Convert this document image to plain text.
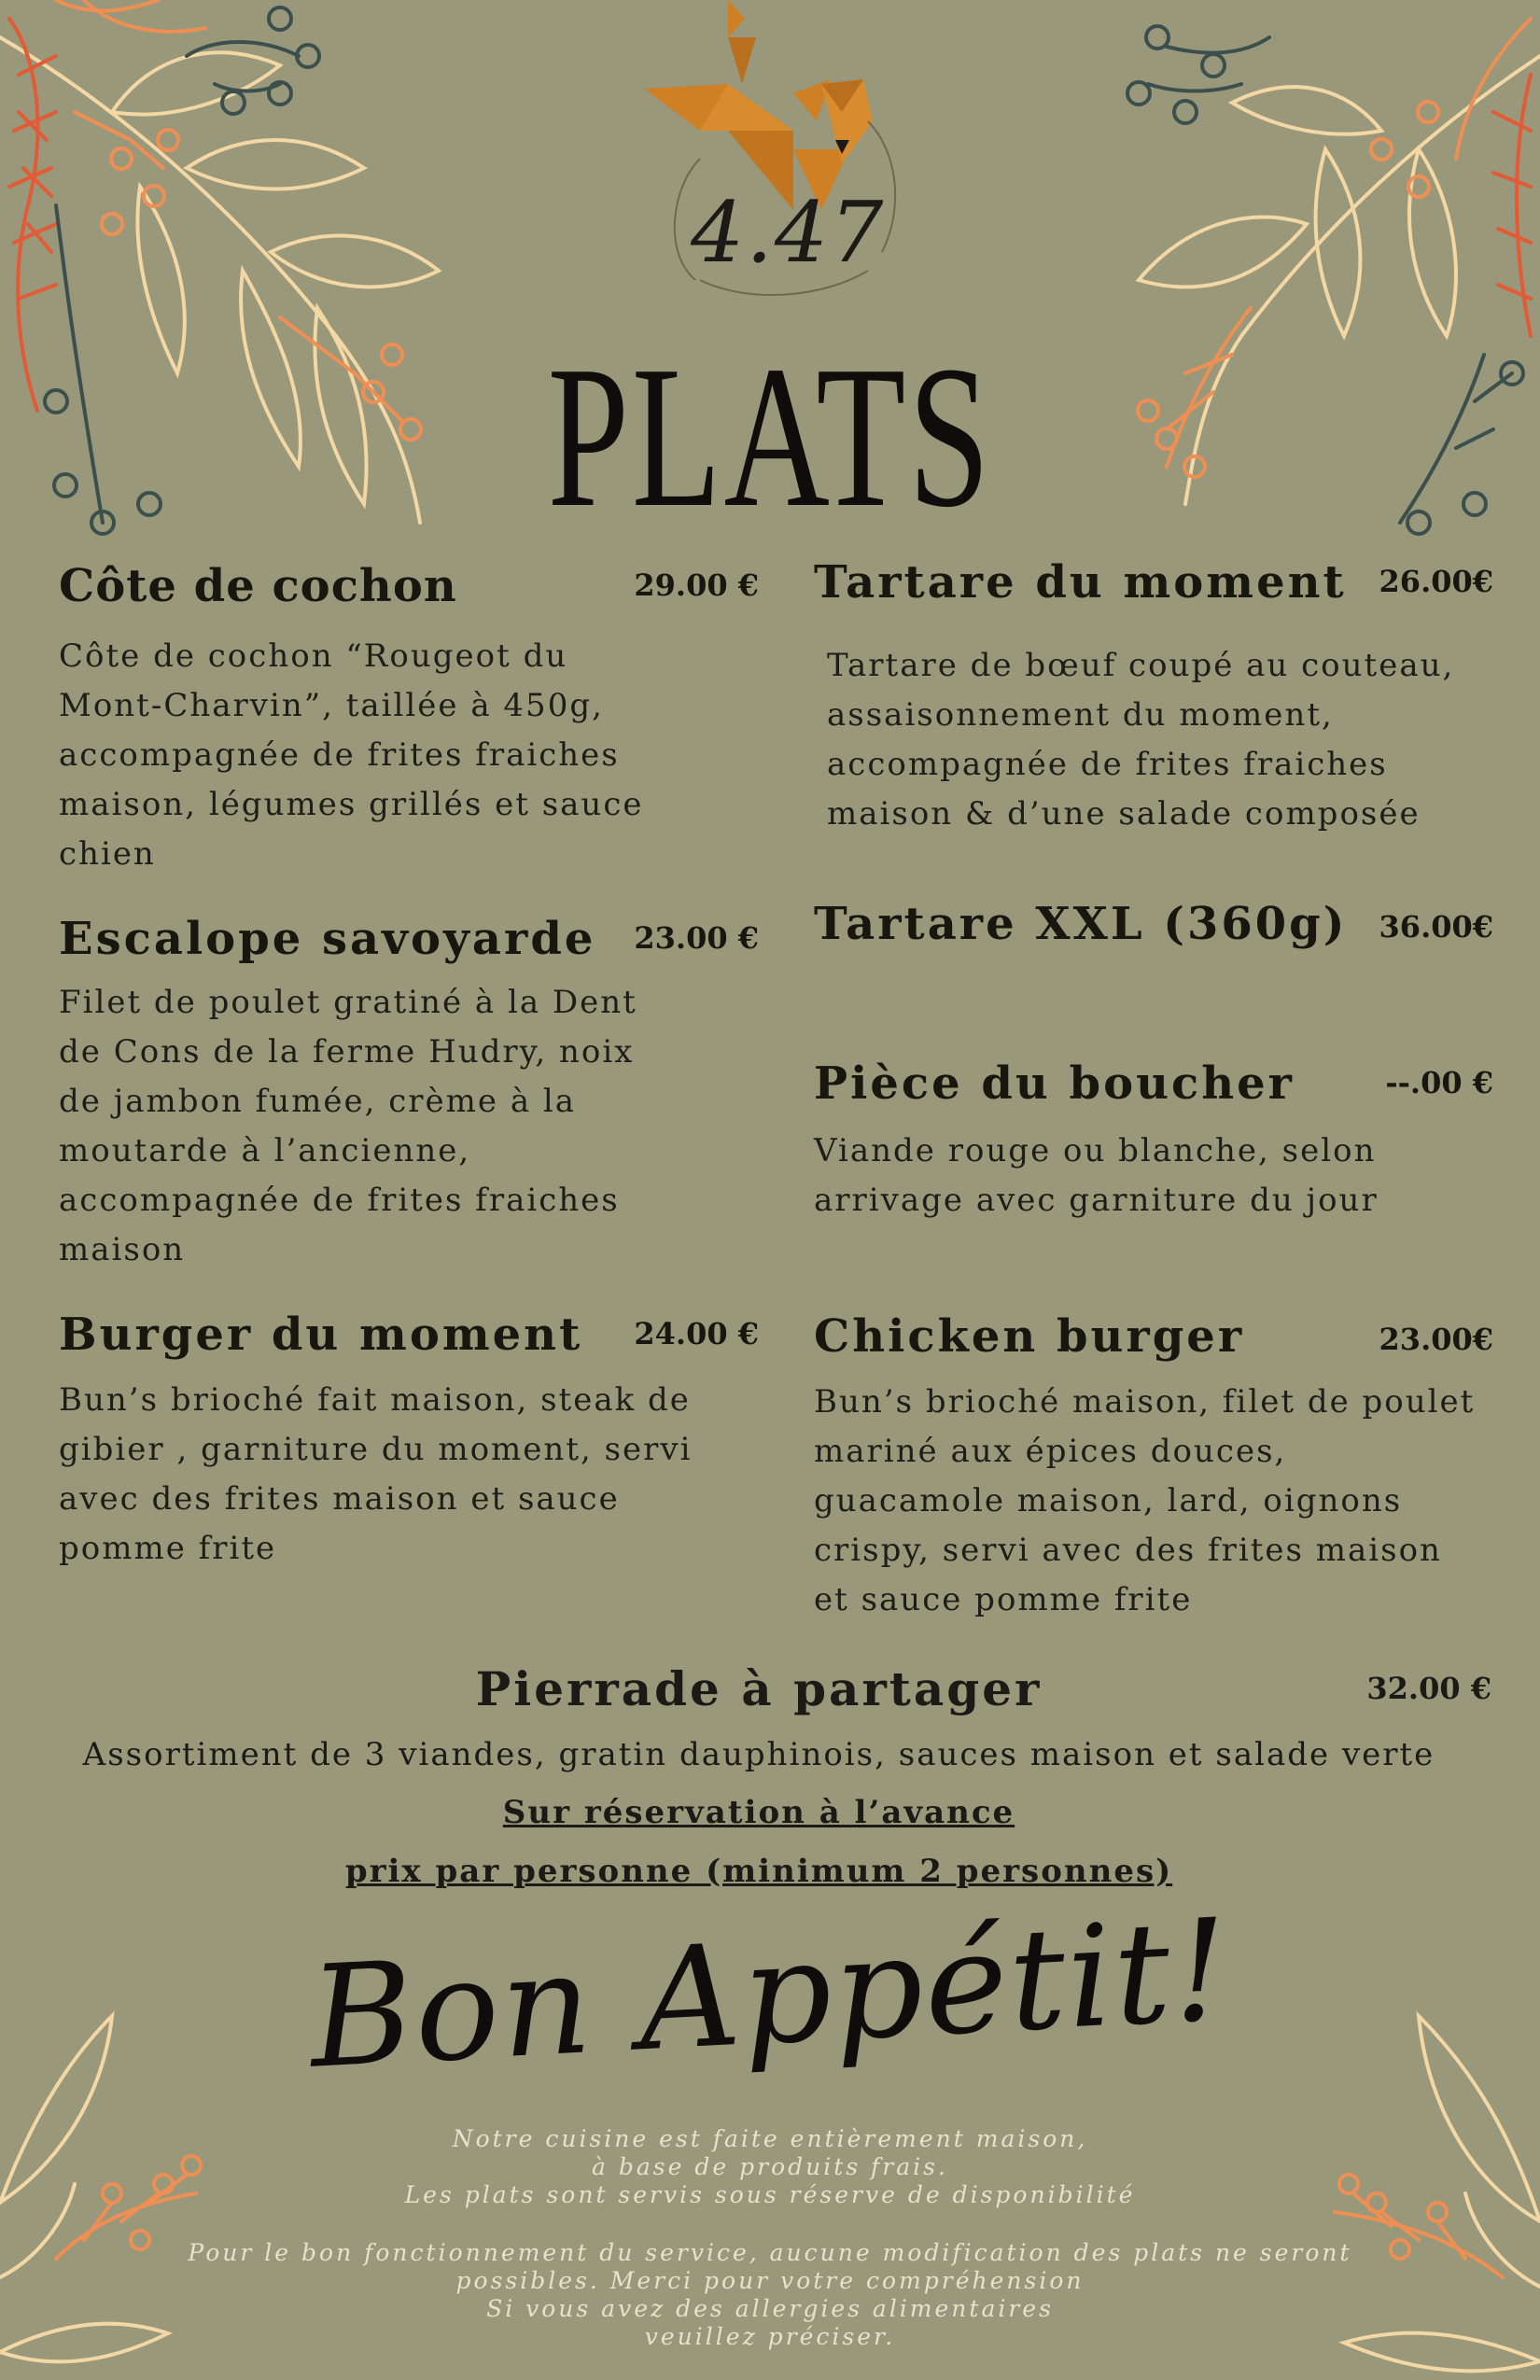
4.47
PLATS
Côte de cochon	29.00 €
Côte de cochon “Rougeot du Mont-Charvin”, taillée à 450g, accompagnée de frites fraiches maison, légumes grillés et sauce chien
Escalope savoyarde 23.00 €
Filet de poulet gratiné à la Dent de Cons de la ferme Hudry, noix de jambon fumée, crème à la moutarde à l’ancienne, accompagnée de frites fraiches maison
Burger du moment 24.00 €
Bun’s brioché fait maison, steak de gibier , garniture du moment, servi avec des frites maison et sauce pomme frite
Tartare du moment 26.00€
Tartare de bœuf coupé au couteau, assaisonnement du moment, accompagnée de frites fraiches maison & d’une salade composée
Tartare XXL (360g) 36.00€
Pièce du boucher	--.00 €
Viande rouge ou blanche, selon arrivage avec garniture du jour
Chicken burger	23.00€
Bun’s brioché maison, filet de poulet mariné aux épices douces, guacamole maison, lard, oignons crispy, servi avec des frites maison et sauce pomme frite
Pierrade à partager	32.00 €
Assortiment de 3 viandes, gratin dauphinois, sauces maison et salade verte
Sur réservation à l’avance
prix par personne (minimum 2 personnes)
Bon Appétit!
Notre cuisine est faite entièrement maison,
à base de produits frais.
Les plats sont servis sous réserve de disponibilité
Pour le bon fonctionnement du service, aucune modification des plats ne seront
possibles. Merci pour votre compréhension
Si vous avez des allergies alimentaires
veuillez préciser.
